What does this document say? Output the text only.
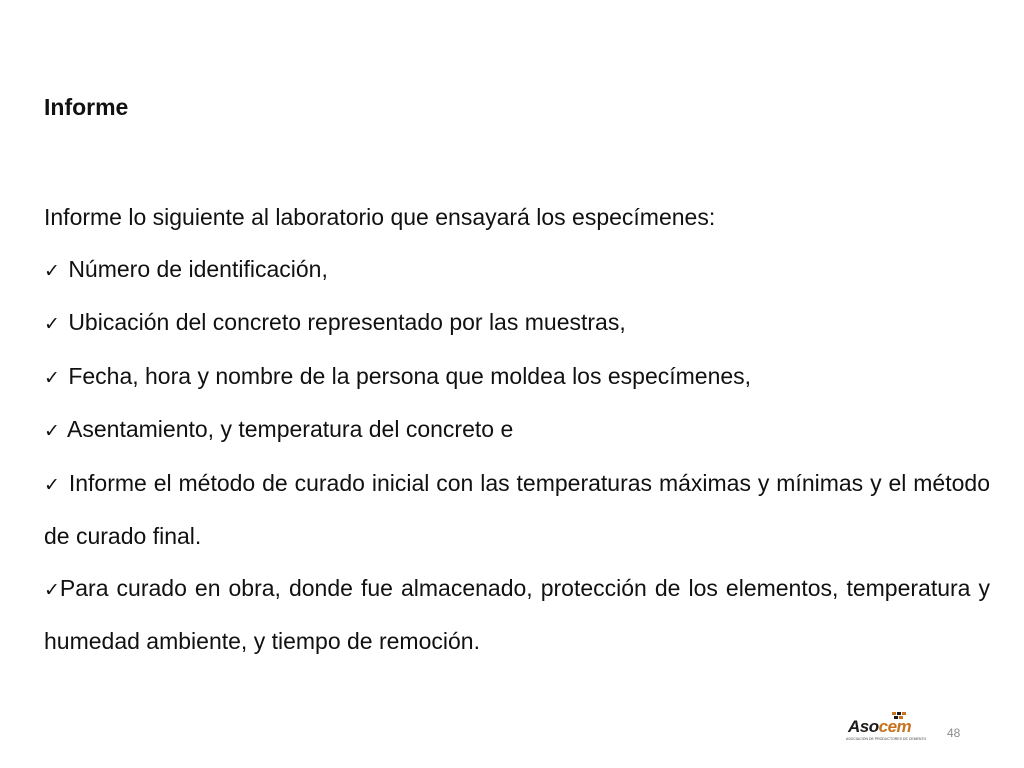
Informe
Informe lo siguiente al laboratorio que ensayará los especímenes:

✓ Número de identificación,

✓ Ubicación del concreto representado por las muestras,

✓ Fecha, hora y nombre de la persona que moldea los especímenes,

✓ Asentamiento, y temperatura del concreto e

✓ Informe el método de curado inicial con las temperaturas máximas y mínimas y el método de curado final.

✓Para curado en obra, donde fue almacenado, protección de los elementos, temperatura y humedad ambiente, y tiempo de remoción.

Asocem
ASOCIACIÓN DE PRODUCTORES DE CEMENTO	48
